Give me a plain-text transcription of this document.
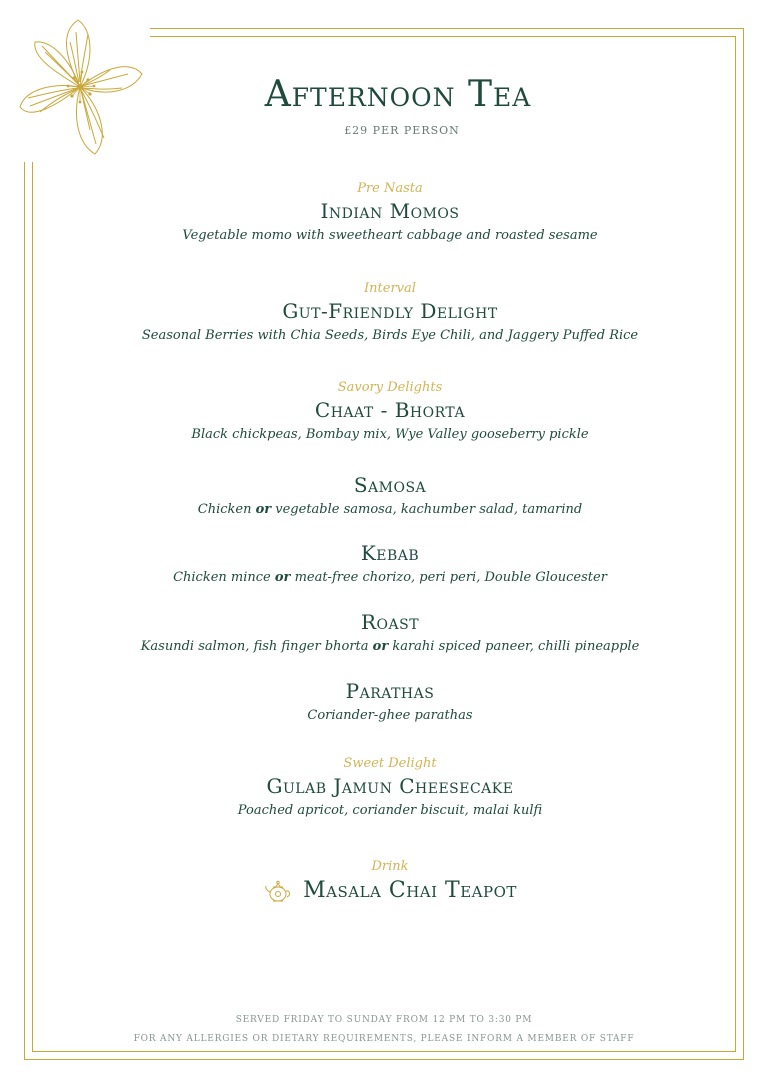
Afternoon Tea
£29 PER PERSON
Pre Nasta
Indian Momos
Vegetable momo with sweetheart cabbage and roasted sesame
Interval
Gut-Friendly Delight
Seasonal Berries with Chia Seeds, Birds Eye Chili, and Jaggery Puffed Rice
Savory Delights
Chaat - Bhorta
Black chickpeas, Bombay mix, Wye Valley gooseberry pickle
Samosa
Chicken or vegetable samosa, kachumber salad, tamarind
Kebab
Chicken mince or meat-free chorizo, peri peri, Double Gloucester
Roast
Kasundi salmon, fish finger bhorta or karahi spiced paneer, chilli pineapple
Parathas
Coriander-ghee parathas
Sweet Delight
Gulab Jamun Cheesecake
Poached apricot, coriander biscuit, malai kulfi
Drink
Masala Chai Teapot
SERVED FRIDAY TO SUNDAY FROM 12 PM TO 3:30 PM
FOR ANY ALLERGIES OR DIETARY REQUIREMENTS, PLEASE INFORM A MEMBER OF STAFF
